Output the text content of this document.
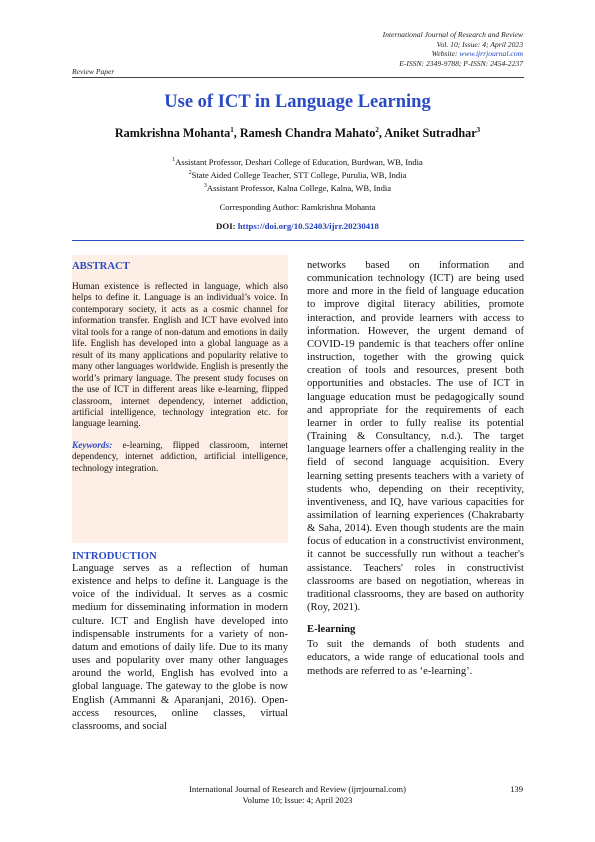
International Journal of Research and Review
Vol. 10; Issue: 4; April 2023
Website: www.ijrrjournal.com
E-ISSN: 2349-9788; P-ISSN: 2454-2237
Review Paper
Use of ICT in Language Learning
Ramkrishna Mohanta$^1$, Ramesh Chandra Mahato$^2$, Aniket Sutradhar$^3$
$^1$Assistant Professor, Deshari College of Education, Burdwan, WB, India
$^2$State Aided College Teacher, STT College, Purulia, WB, India
$^3$Assistant Professor, Kalna College, Kalna, WB, India
Corresponding Author: Ramkrishna Mohanta
DOI: https://doi.org/10.52403/ijrr.20230418
ABSTRACT

Human existence is reflected in language, which also helps to define it. Language is an individual’s voice. In contemporary society, it acts as a cosmic channel for information transfer. English and ICT have evolved into vital tools for a range of non-datum and emotions in daily life. English has developed into a global language as a result of its many applications and popularity relative to many other languages worldwide. English is presently the world’s primary language. The present study focuses on the use of ICT in different areas like e-learning, flipped classroom, internet dependency, internet addiction, artificial intelligence, technology integration etc. for language learning.

Keywords: e-learning, flipped classroom, internet dependency, internet addiction, artificial intelligence, technology integration.

INTRODUCTION

Language serves as a reflection of human existence and helps to define it. Language is the voice of the individual. It serves as a cosmic medium for disseminating information in modern culture. ICT and English have developed into indispensable instruments for a variety of non-datum and emotions of daily life. Due to its many uses and popularity over many other languages around the world, English has evolved into a global language. The gateway to the globe is now English (Ammanni & Aparanjani, 2016). Open-access resources, online classes, virtual classrooms, and social

networks based on information and communication technology (ICT) are being used more and more in the field of language education to improve digital literacy abilities, promote interaction, and provide learners with access to information. However, the urgent demand of COVID-19 pandemic is that teachers offer online instruction, together with the growing quick creation of tools and resources, present both opportunities and obstacles. The use of ICT in language education must be pedagogically sound and appropriate for the requirements of each learner in order to fully realise its potential (Training & Consultancy, n.d.). The target language learners offer a challenging reality in the field of second language acquisition. Every learning setting presents teachers with a variety of students who, depending on their receptivity, inventiveness, and IQ, have various capacities for assimilation of learning experiences (Chakrabarty & Saha, 2014). Even though students are the main focus of education in a constructivist environment, it cannot be successfully run without a teacher's assistance. Teachers' roles in constructivist classrooms are based on negotiation, whereas in traditional classrooms, they are based on authority (Roy, 2021).

E-learning

To suit the demands of both students and educators, a wide range of educational tools and methods are referred to as ‘e-learning’.

International Journal of Research and Review (ijrrjournal.com)
Volume 10; Issue: 4; April 2023
139
